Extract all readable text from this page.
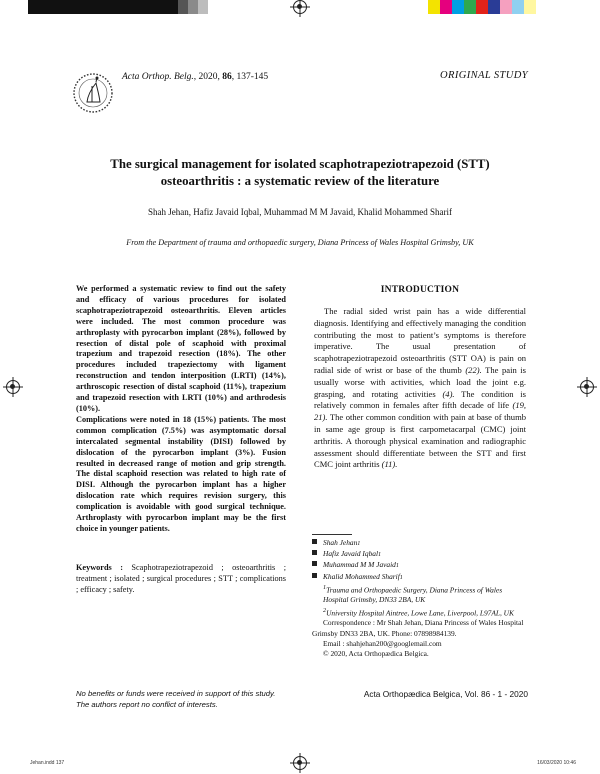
Acta Orthop. Belg., 2020, 86, 137-145	ORIGINAL STUDY
The surgical management for isolated scaphotrapeziotrapezoid (STT)
osteoarthritis : a systematic review of the literature
Shah Jehan, Hafiz Javaid Iqbal, Muhammad M M Javaid, Khalid Mohammed Sharif
From the Department of trauma and orthopaedic surgery, Diana Princess of Wales Hospital Grimsby, UK

We performed a systematic review to find out the safety and efficacy of various procedures for isolated scaphotrapeziotrapezoid osteoarthritis. Eleven articles were included. The most common procedure was arthroplasty with pyrocarbon implant (28%), followed by resection of distal pole of scaphoid with proximal trapezium and trapezoid resection (18%). The other procedures included trapeziectomy with ligament reconstruction and tendon interposition (LRTI) (14%), arthroscopic resection of distal scaphoid (11%), trapezium and trapezoid resection with LRTI (10%) and arthrodesis (10%).

Complications were noted in 18 (15%) patients. The most common complication (7.5%) was asymptomatic dorsal intercalated segmental instability (DISI) followed by dislocation of the pyrocarbon implant (3%). Fusion resulted in decreased range of motion and grip strength. The distal scaphoid resection was related to high rate of DISI. Although the pyrocarbon implant has a higher dislocation rate which requires revision surgery, this complication is avoidable with good surgical technique. Arthroplasty with pyrocarbon implant may be the first choice in younger patients.

Keywords : Scaphotrapeziotrapezoid ; osteoarthritis ; treatment ; isolated ; surgical procedures ; STT ; complications ; efficacy ; safety.
INTRODUCTION
The radial sided wrist pain has a wide differential diagnosis. Identifying and effectively managing the condition contributing the most to patient’s symptoms is therefore imperative. The usual presentation of scaphotrapeziotrapezoid osteoarthritis (STT OA) is pain on radial side of wrist or base of the thumb (22). The pain is usually worse with activities, which load the joint e.g. grasping, and rotating activities (4). The condition is relatively common in females after fifth decade of life (19, 21). The other common condition with pain at base of thumb in same age group is first carpometacarpal (CMC) joint arthritis. A thorough physical examination and radiographic assessment should differentiate between the STT and first CMC joint arthritis (11).
Shah Jehan 1
Hafiz Javaid Iqbal 1
Muhammad M M Javaid 1
Khalid Mohammed Sharif 1
$^1$Trauma and Orthopaedic Surgery, Diana Princess of Wales Hospital Grimsby, DN33 2BA, UK
$^2$University Hospital Aintree, Lowe Lane, Liverpool, L97AL, UK
Correspondence : Mr Shah Jehan, Diana Princess of Wales Hospital Grimsby DN33 2BA, UK. Phone: 07898984139.
Email : shahjehan200@googlemail.com
© 2020, Acta Orthopædica Belgica.
No benefits or funds were received in support of this study.
The authors report no conflict of interests.
Acta Orthopædica Belgica, Vol. 86 - 1 - 2020
Jehan.indd 137	16/03/2020 10:46
